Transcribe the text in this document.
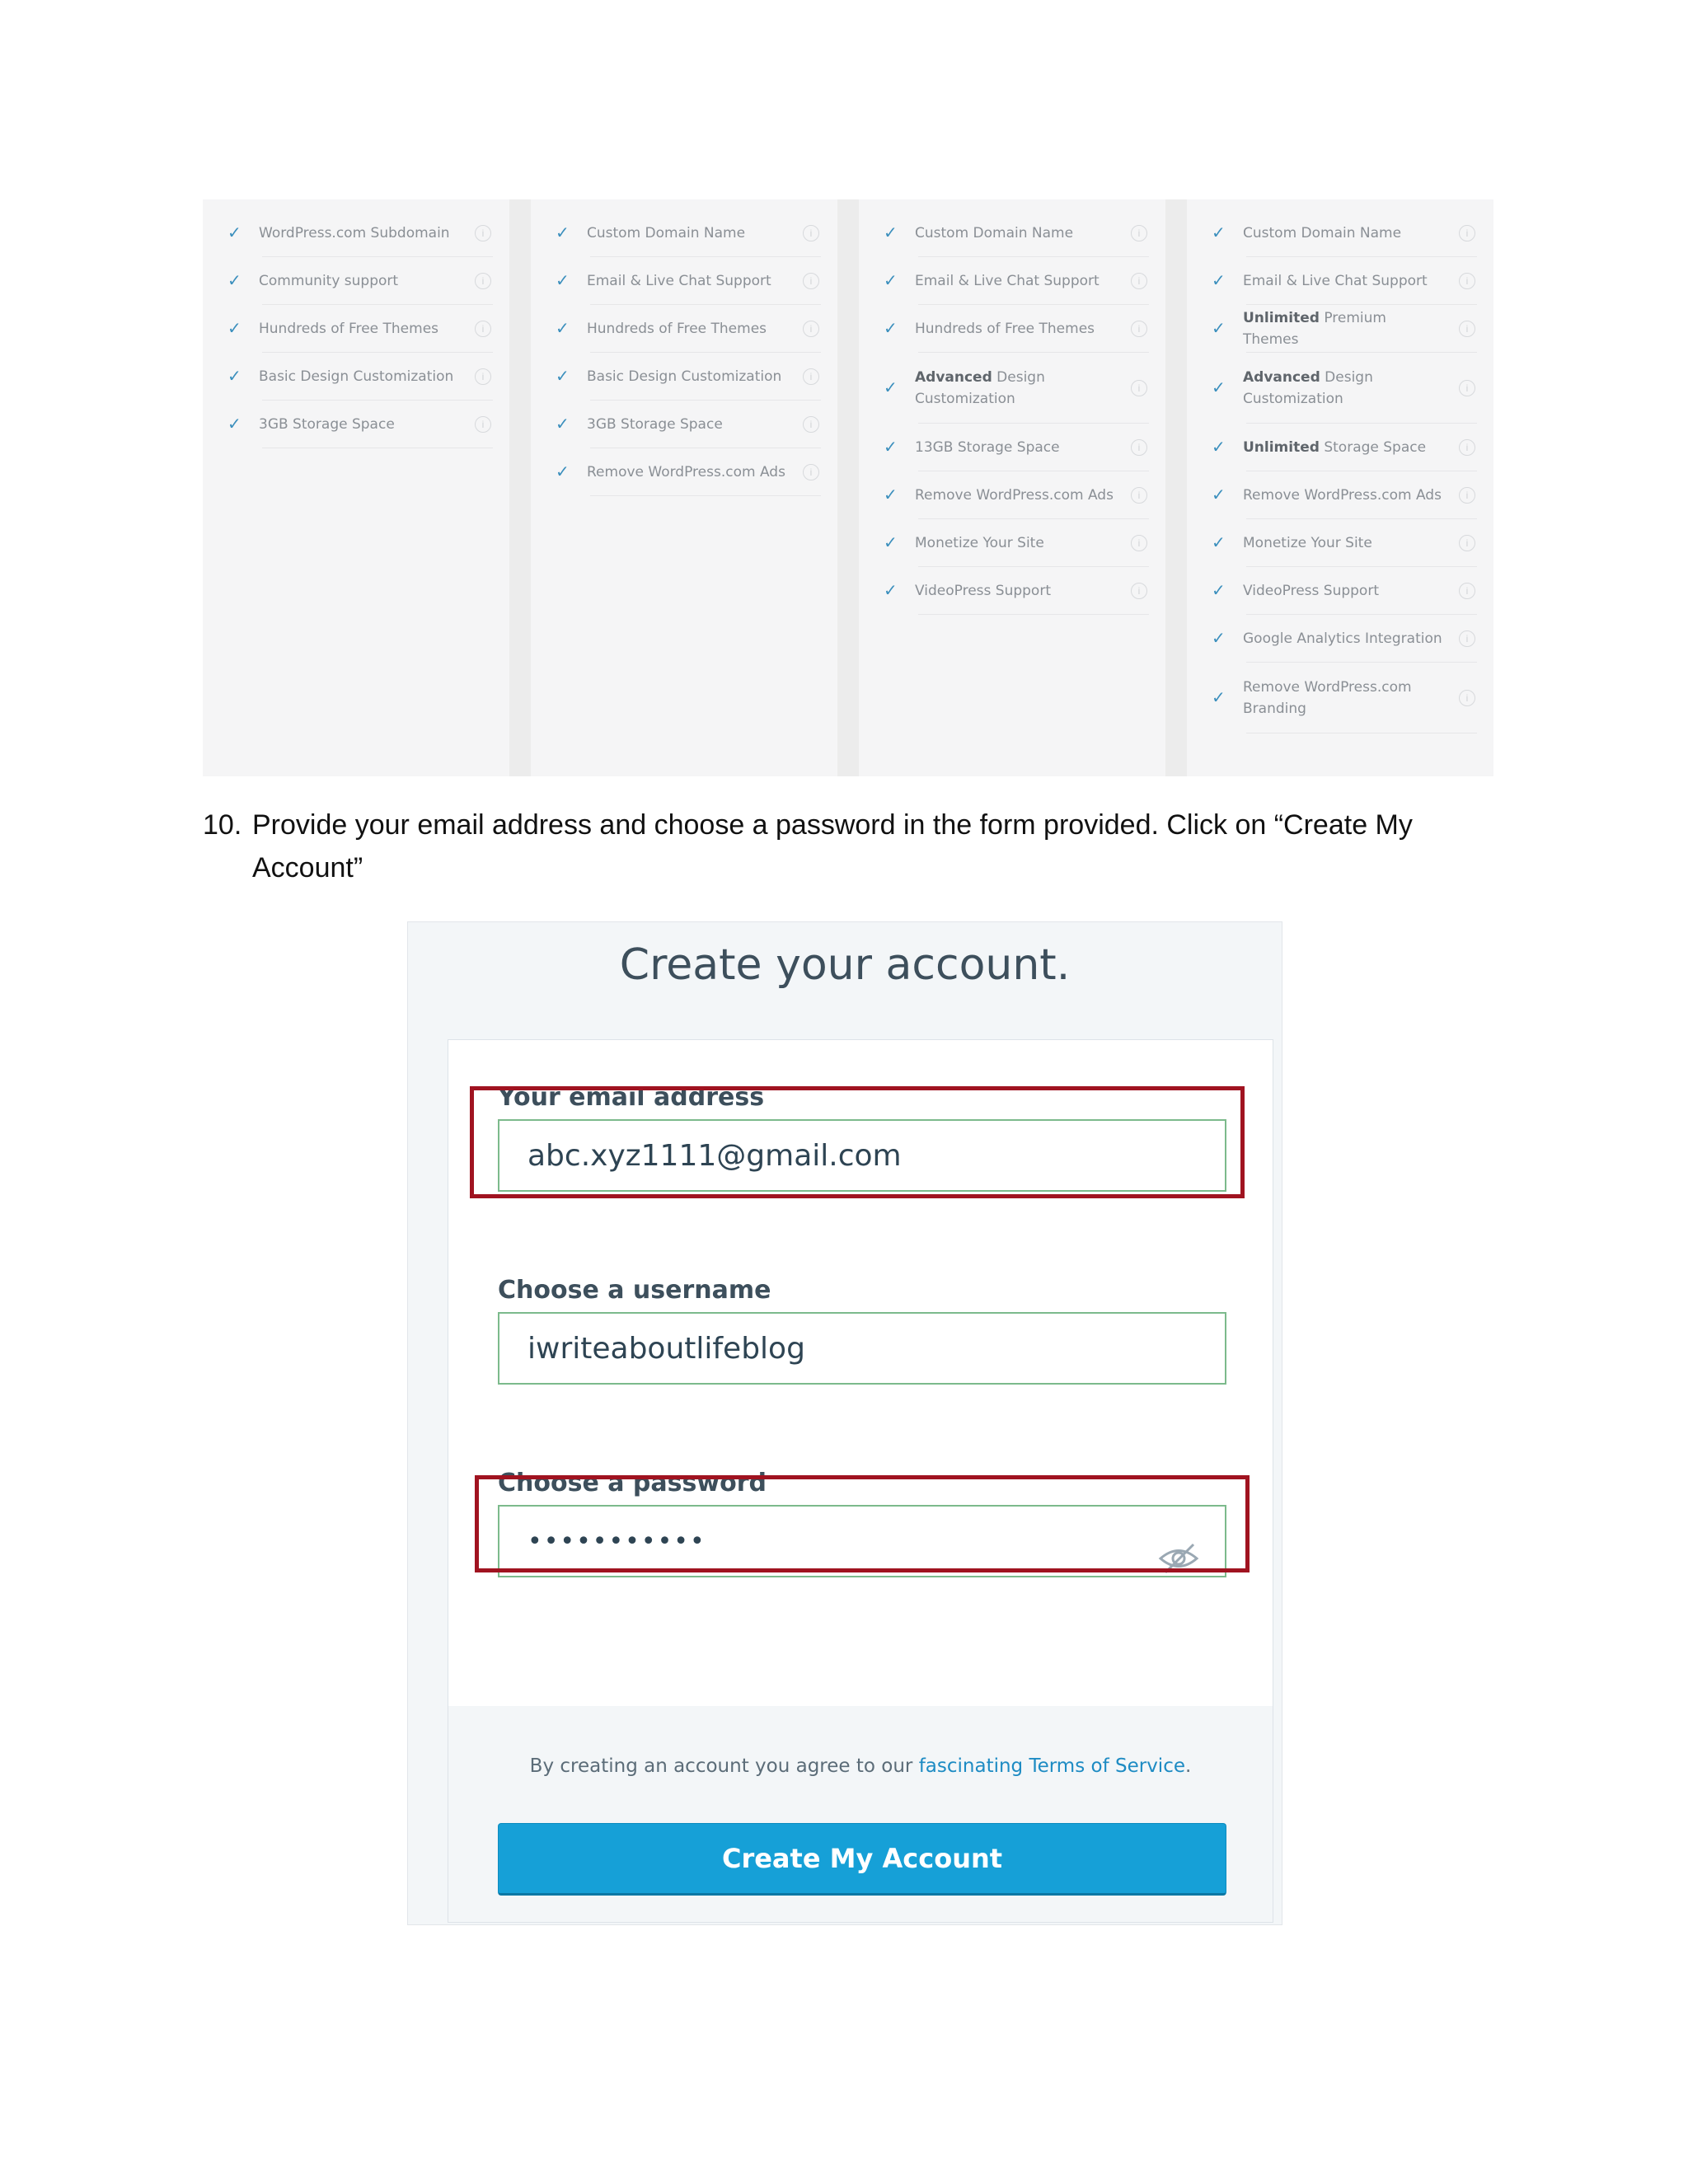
✓	WordPress.com Subdomain	i
✓	Community support	i
✓	Hundreds of Free Themes	i
✓	Basic Design Customization	i
✓	3GB Storage Space	i
✓	Custom Domain Name	i
✓	Email & Live Chat Support	i
✓	Hundreds of Free Themes	i
✓	Basic Design Customization	i
✓	3GB Storage Space	i
✓	Remove WordPress.com Ads	i
✓	Custom Domain Name	i
✓	Email & Live Chat Support	i
✓	Hundreds of Free Themes	i
✓
Advanced Design Customization
i
✓	13GB Storage Space	i
✓	Remove WordPress.com Ads	i
✓	Monetize Your Site	i
✓	VideoPress Support	i
✓	Custom Domain Name	i
✓	Email & Live Chat Support	i
✓
Unlimited Premium Themes
i
✓
Advanced Design Customization
i
✓	Unlimited Storage Space	i
✓	Remove WordPress.com Ads	i
✓	Monetize Your Site	i
✓	VideoPress Support	i
✓	Google Analytics Integration	i
✓
Remove WordPress.com Branding
i
10. Provide your email address and choose a password in the form provided. Click on “Create My Account”
Create your account.
Your email address
abc.xyz1111@gmail.com
Choose a username
iwriteaboutlifeblog
Choose a password
•••••••••••
By creating an account you agree to our fascinating Terms of Service.
Create My Account
